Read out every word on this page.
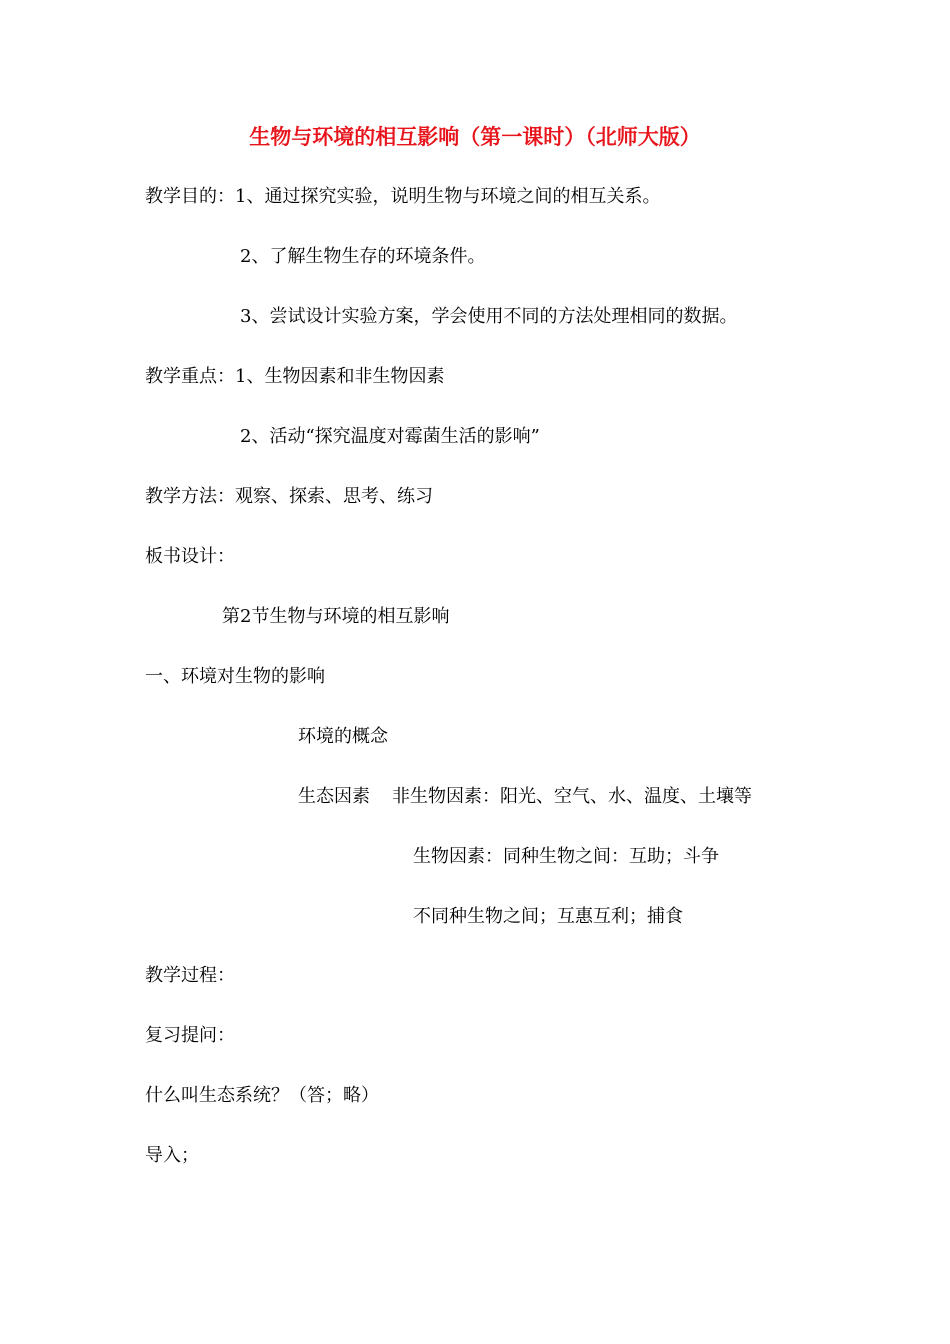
生物与环境的相互影响（第一课时）（北师大版）
教学目的：1、通过探究实验，说明生物与环境之间的相互关系。
2、了解生物生存的环境条件。
3、尝试设计实验方案，学会使用不同的方法处理相同的数据。
教学重点：1、生物因素和非生物因素
2、活动“探究温度对霉菌生活的影响”
教学方法：观察、探索、思考、练习
板书设计：
第2节生物与环境的相互影响
一、环境对生物的影响
环境的概念
生态因素 非生物因素：阳光、空气、水、温度、土壤等
生物因素：同种生物之间：互助；斗争
不同种生物之间；互惠互利；捕食
教学过程：
复习提问：
什么叫生态系统？（答；略）
导入；
